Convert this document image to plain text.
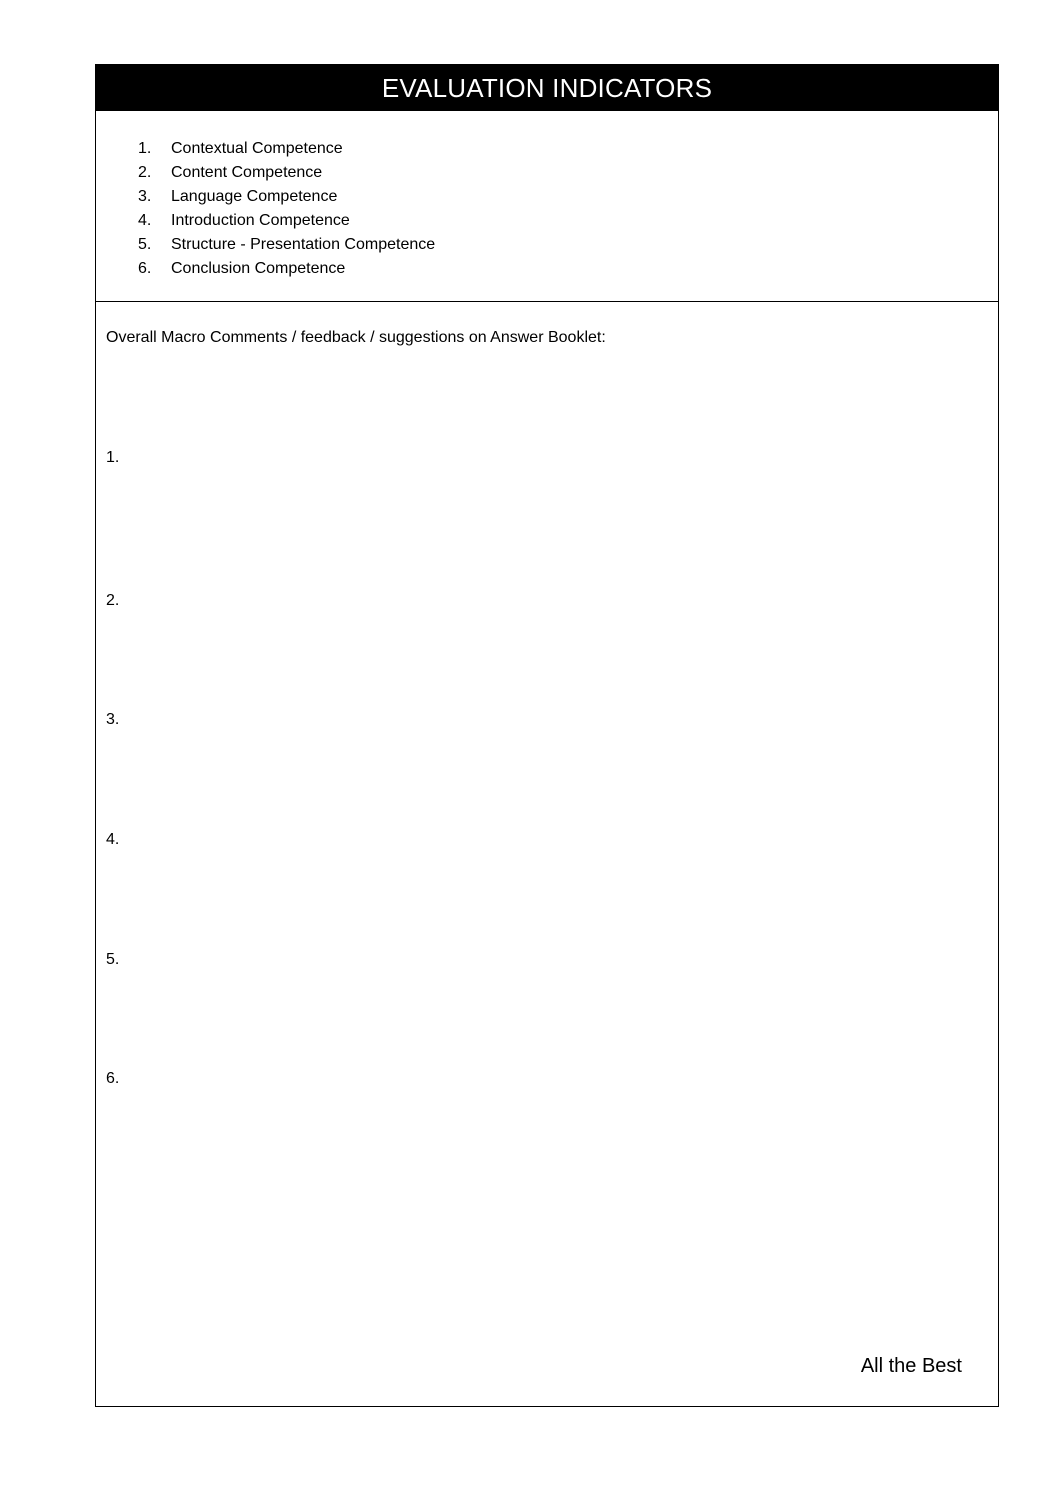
EVALUATION INDICATORS
1.	Contextual Competence
2.	Content Competence
3.	Language Competence
4.	Introduction Competence
5.	Structure - Presentation Competence
6.	Conclusion Competence
Overall Macro Comments / feedback / suggestions on Answer Booklet:
1.
2.
3.
4.
5.
6.
All the Best
